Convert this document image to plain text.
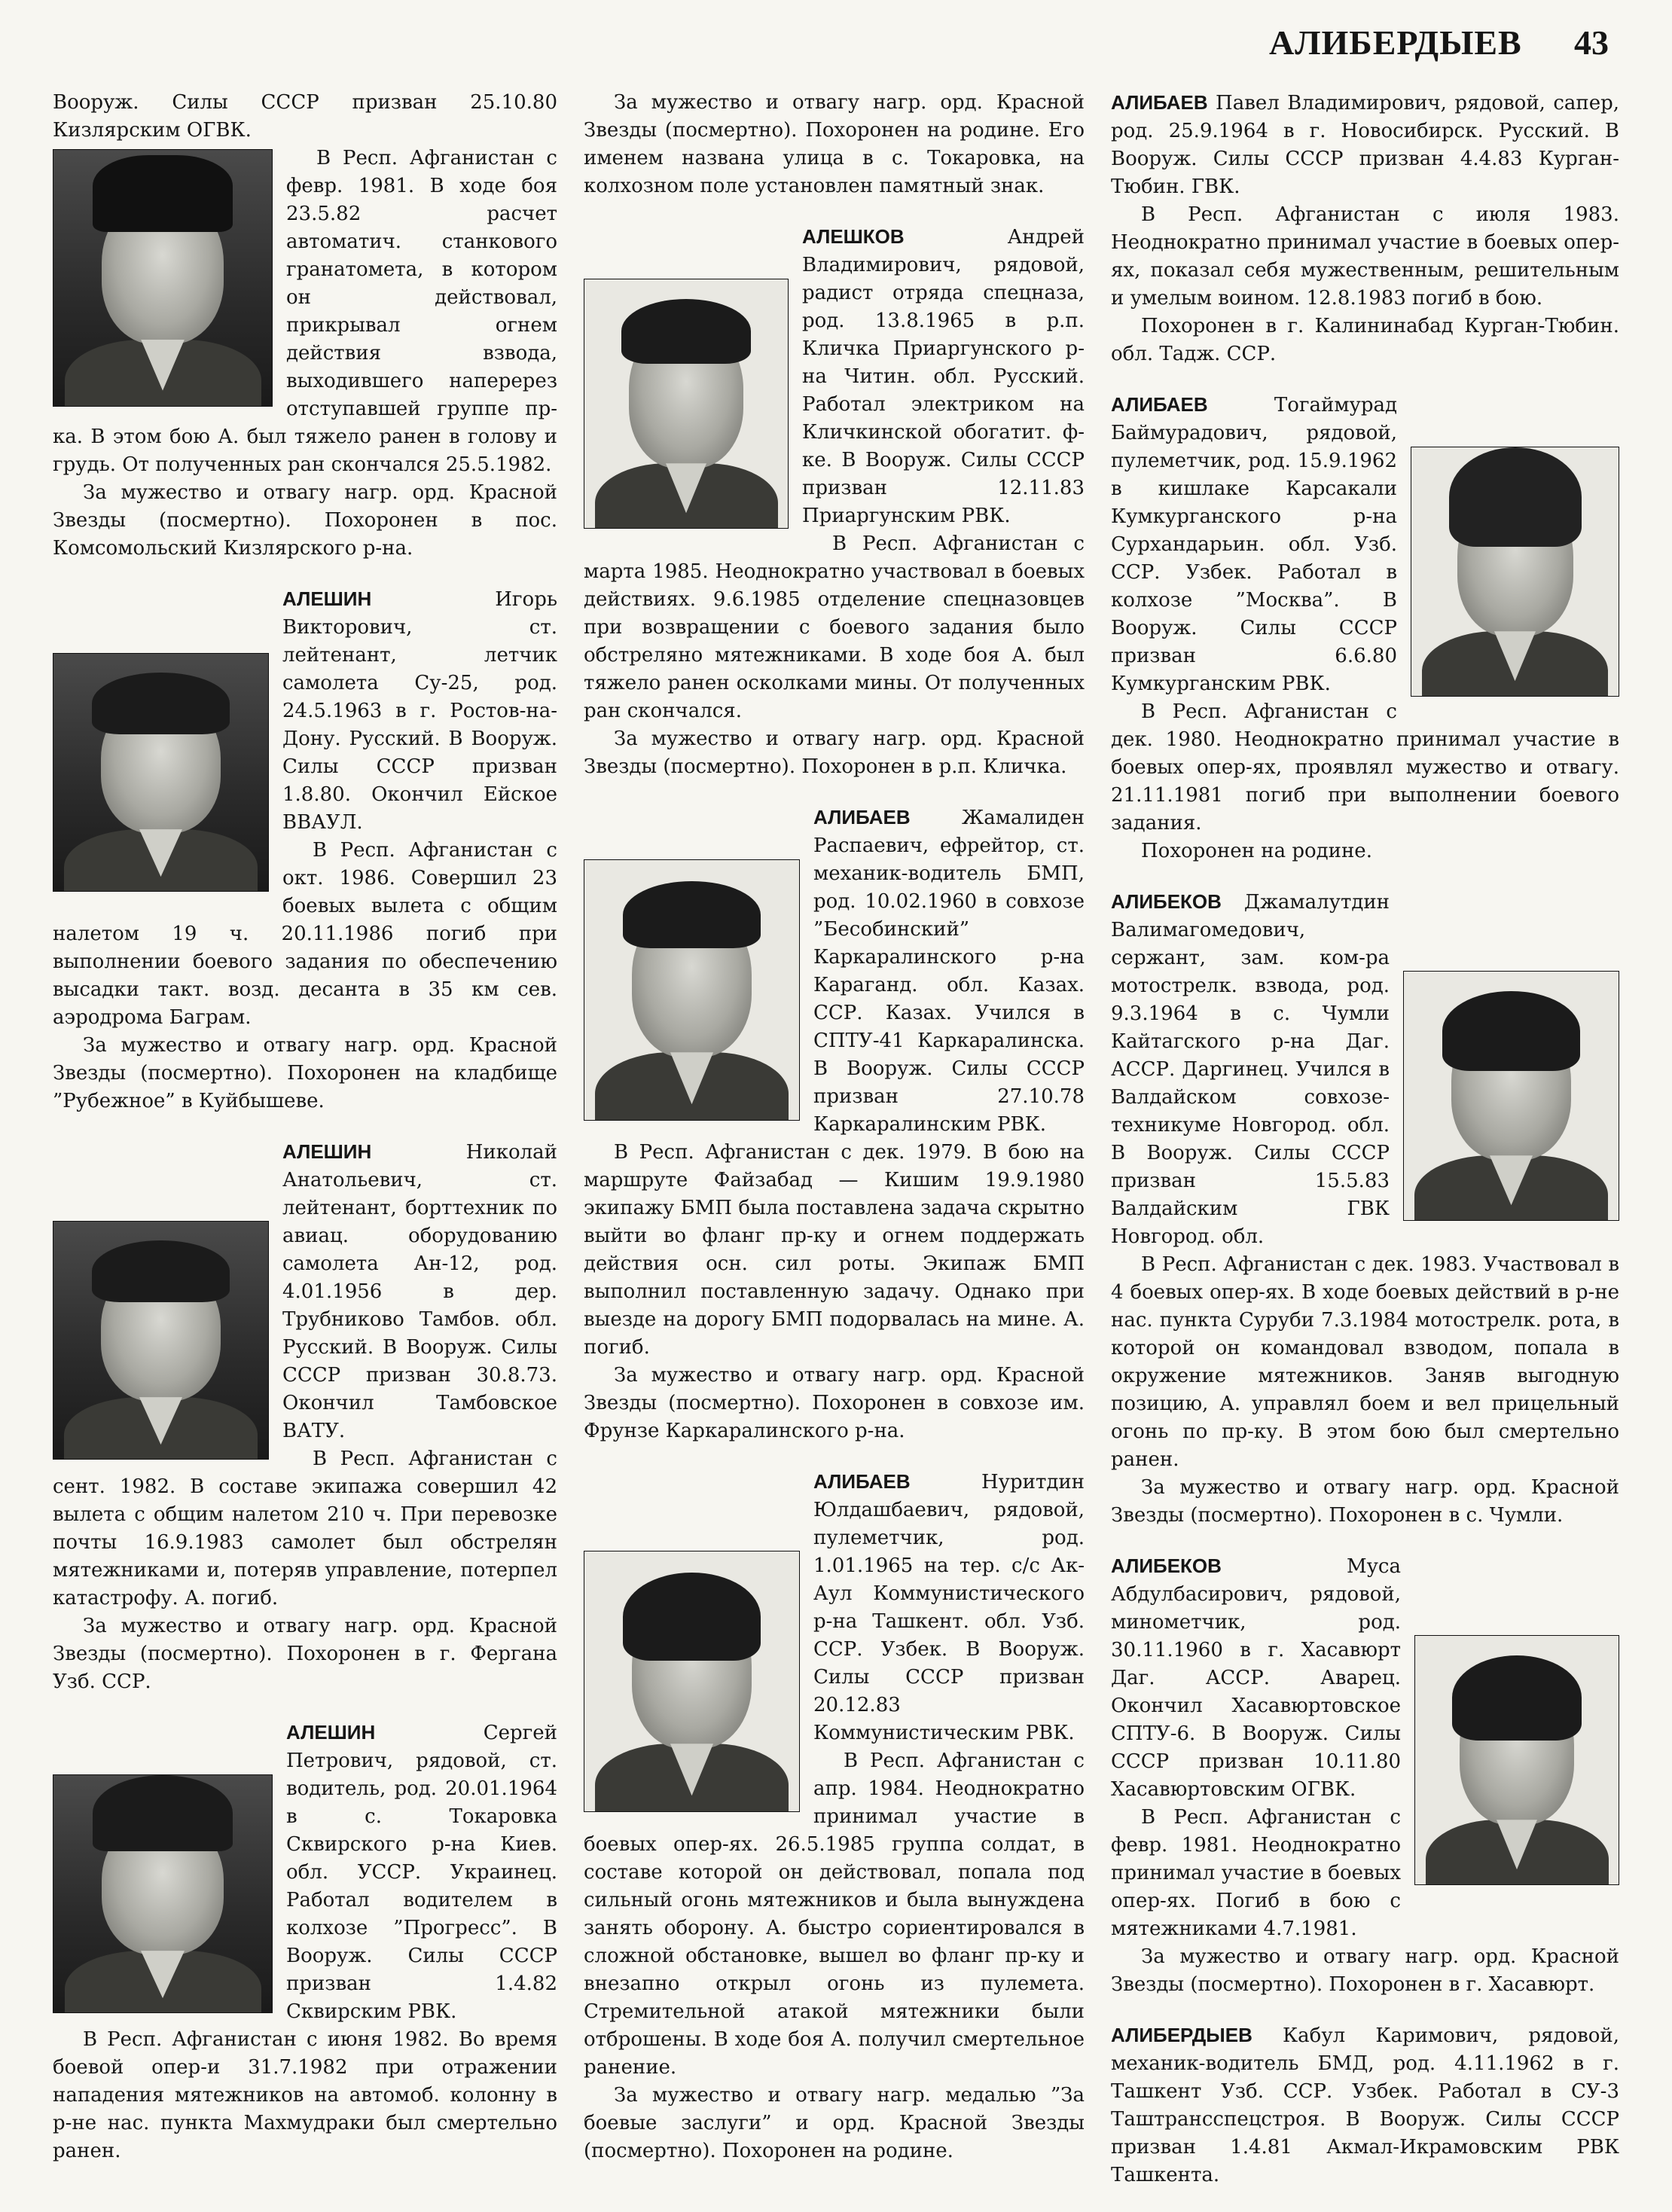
АЛИБЕРДЫЕВ 43

Вооруж. Силы СССР призван 25.10.80 Кизлярским ОГВК.

В Респ. Афганистан с февр. 1981. В ходе боя 23.5.82 расчет автоматич. станкового гранатомета, в котором он действовал, прикрывал огнем действия взвода, выходившего наперерез отступавшей группе пр-ка. В этом бою А. был тяжело ранен в голову и грудь. От полученных ран скончался 25.5.1982.

За мужество и отвагу нагр. орд. Красной Звезды (посмертно). Похоронен в пос. Комсомольский Кизлярского р-на.

АЛЕШИН	Игорь Викторович, ст. лейтенант, летчик самолета Су-25, род. 24.5.1963 в г. Ростов-на-Дону. Русский. В Вооруж. Силы СССР призван 1.8.80. Окончил Ейское ВВАУЛ.

В Респ. Афганистан с окт. 1986. Совершил 23 боевых вылета с общим налетом 19 ч. 20.11.1986 погиб при выполнении боевого задания по обеспечению высадки такт. возд. десанта в 35 км сев. аэродрома Баграм.

За мужество и отвагу нагр. орд. Красной Звезды (посмертно). Похоронен на кладбище ”Рубежное” в Куйбышеве.

АЛЕШИН	Николай Анатольевич, ст. лейтенант, борттехник по авиац. оборудованию самолета Ан-12, род. 4.01.1956 в дер. Трубниково Тамбов. обл. Русский. В Вооруж. Силы СССР призван 30.8.73. Окончил Тамбовское ВАТУ.

В Респ. Афганистан с сент. 1982. В составе экипажа совершил 42 вылета с общим налетом 210 ч. При перевозке почты 16.9.1983 самолет был обстрелян мятежниками и, потеряв управление, потерпел катастрофу. А. погиб.

За мужество и отвагу нагр. орд. Красной Звезды (посмертно). Похоронен в г. Фергана Узб. ССР.

АЛЕШИН	Сергей Петрович, рядовой, ст. водитель, род. 20.01.1964 в с. Токаровка Сквирского р-на Киев. обл. УССР. Украинец. Работал водителем в колхозе ”Прогресс”. В Вооруж. Силы СССР призван 1.4.82 Сквирским РВК.

В Респ. Афганистан с июня 1982. Во время боевой опер-и 31.7.1982 при отражении нападения мятежников на автомоб. колонну в р-не нас. пункта Махмудраки был смертельно ранен.

За мужество и отвагу нагр. орд. Красной Звезды (посмертно). Похоронен на родине. Его именем названа улица в с. Токаровка, на колхозном поле установлен памятный знак.

АЛЕШКОВ	Андрей Владимирович, рядовой, радист отряда спецназа, род. 13.8.1965 в р.п. Кличка Приаргунского р-на Читин. обл. Русский. Работал электриком на Кличкинской обогатит. ф-ке. В Вооруж. Силы СССР призван 12.11.83 Приаргунским РВК.

В Респ. Афганистан с марта 1985. Неоднократно участвовал в боевых действиях. 9.6.1985 отделение спецназовцев при возвращении с боевого задания было обстреляно мятежниками. В ходе боя А. был тяжело ранен осколками мины. От полученных ран скончался.

За мужество и отвагу нагр. орд. Красной Звезды (посмертно). Похоронен в р.п. Кличка.

АЛИБАЕВ	Жамалиден Распаевич, ефрейтор, ст. механик-водитель БМП, род. 10.02.1960 в совхозе ”Бесобинский” Каркаралинского р-на Караганд. обл. Казах. ССР. Казах. Учился в СПТУ-41 Каркаралинска. В Вооруж. Силы СССР призван 27.10.78 Каркаралинским РВК.

В Респ. Афганистан с дек. 1979. В бою на маршруте Файзабад — Кишим 19.9.1980 экипажу БМП была поставлена задача скрытно выйти во фланг пр-ку и огнем поддержать действия осн. сил роты. Экипаж БМП выполнил поставленную задачу. Однако при выезде на дорогу БМП подорвалась на мине. А. погиб.

За мужество и отвагу нагр. орд. Красной Звезды (посмертно). Похоронен в совхозе им. Фрунзе Каркаралинского р-на.

АЛИБАЕВ	Нуритдин Юлдашбаевич, рядовой, пулеметчик, род. 1.01.1965 на тер. с/с Ак-Аул Коммунистического р-на Ташкент. обл. Узб. ССР. Узбек. В Вооруж. Силы СССР призван 20.12.83 Коммунистическим РВК.

В Респ. Афганистан с апр. 1984. Неоднократно принимал участие в боевых опер-ях. 26.5.1985 группа солдат, в составе которой он действовал, попала под сильный огонь мятежников и была вынуждена занять оборону. А. быстро сориентировался в сложной обстановке, вышел во фланг пр-ку и внезапно открыл огонь из пулемета. Стремительной атакой мятежники были отброшены. В ходе боя А. получил смертельное ранение.

За мужество и отвагу нагр. медалью ”За боевые заслуги” и орд. Красной Звезды (посмертно). Похоронен на родине.

АЛИБАЕВ Павел Владимирович, рядовой, сапер, род. 25.9.1964 в г. Новосибирск. Русский. В Вооруж. Силы СССР призван 4.4.83 Курган-Тюбин. ГВК.

В Респ. Афганистан с июля 1983. Неоднократно принимал участие в боевых опер-ях, показал себя мужественным, решительным и умелым воином. 12.8.1983 погиб в бою.

Похоронен в г. Калининабад Курган-Тюбин. обл. Тадж. ССР.

АЛИБАЕВ	Тогаймурад Баймурадович, рядовой, пулеметчик, род. 15.9.1962 в кишлаке Карсакали Кумкурганского р-на Сурхандарьин. обл. Узб. ССР. Узбек. Работал в колхозе ”Москва”. В Вооруж. Силы СССР призван 6.6.80 Кумкурганским РВК.

В Респ. Афганистан с дек. 1980. Неоднократно принимал участие в боевых опер-ях, проявлял мужество и отвагу. 21.11.1981 погиб при выполнении боевого задания.

Похоронен на родине.

АЛИБЕКОВ Джамалутдин Валимагомедович, сержант, зам. ком-ра мотострелк. взвода, род. 9.3.1964 в с. Чумли Кайтагского р-на Даг. АССР. Даргинец. Учился в Валдайском совхозе-техникуме Новгород. обл. В Вооруж. Силы СССР призван 15.5.83 Валдайским ГВК Новгород. обл.

В Респ. Афганистан с дек. 1983. Участвовал в 4 боевых опер-ях. В ходе боевых действий в р-не нас. пункта Суруби 7.3.1984 мотострелк. рота, в которой он командовал взводом, попала в окружение мятежников. Заняв выгодную позицию, А. управлял боем и вел прицельный огонь по пр-ку. В этом бою был смертельно ранен.

За мужество и отвагу нагр. орд. Красной Звезды (посмертно). Похоронен в с. Чумли.

АЛИБЕКОВ	Муса Абдулбасирович, рядовой, минометчик, род. 30.11.1960 в г. Хасавюрт Даг. АССР. Аварец. Окончил Хасавюртовское СПТУ-6. В Вооруж. Силы СССР призван 10.11.80 Хасавюртовским ОГВК.

В Респ. Афганистан с февр. 1981. Неоднократно принимал участие в боевых опер-ях. Погиб в бою с мятежниками 4.7.1981.

За мужество и отвагу нагр. орд. Красной Звезды (посмертно). Похоронен в г. Хасавюрт.

АЛИБЕРДЫЕВ Кабул Каримович, рядовой, механик-водитель БМД, род. 4.11.1962 в г. Ташкент Узб. ССР. Узбек. Работал в СУ-3 Таштрансспецстроя. В Вооруж. Силы СССР призван 1.4.81 Акмал-Икрамовским РВК Ташкента.
